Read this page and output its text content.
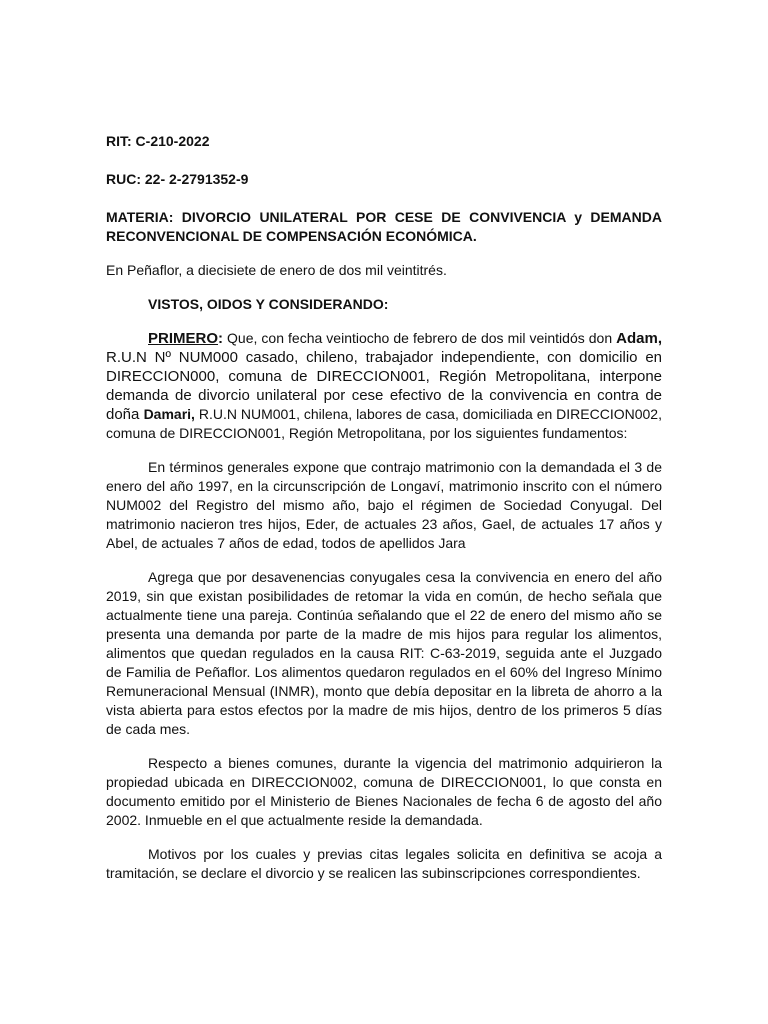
RIT: C-210-2022

RUC: 22- 2-2791352-9

MATERIA: DIVORCIO UNILATERAL POR CESE DE CONVIVENCIA y DEMANDA RECONVENCIONAL DE COMPENSACIÓN ECONÓMICA.

En Peñaflor, a diecisiete de enero de dos mil veintitrés.

VISTOS, OIDOS Y CONSIDERANDO:

PRIMERO: Que, con fecha veintiocho de febrero de dos mil veintidós don Adam, R.U.N Nº NUM000 casado, chileno, trabajador independiente, con domicilio en DIRECCION000, comuna de DIRECCION001, Región Metropolitana, interpone demanda de divorcio unilateral por cese efectivo de la convivencia en contra de doña Damari, R.U.N NUM001, chilena, labores de casa, domiciliada en DIRECCION002, comuna de DIRECCION001, Región Metropolitana, por los siguientes fundamentos:

En términos generales expone que contrajo matrimonio con la demandada el 3 de enero del año 1997, en la circunscripción de Longaví, matrimonio inscrito con el número NUM002 del Registro del mismo año, bajo el régimen de Sociedad Conyugal. Del matrimonio nacieron tres hijos, Eder, de actuales 23 años, Gael, de actuales 17 años y Abel, de actuales 7 años de edad, todos de apellidos Jara

Agrega que por desavenencias conyugales cesa la convivencia en enero del año 2019, sin que existan posibilidades de retomar la vida en común, de hecho señala que actualmente tiene una pareja. Continúa señalando que el 22 de enero del mismo año se presenta una demanda por parte de la madre de mis hijos para regular los alimentos, alimentos que quedan regulados en la causa RIT: C-63-2019, seguida ante el Juzgado de Familia de Peñaflor. Los alimentos quedaron regulados en el 60% del Ingreso Mínimo Remuneracional Mensual (INMR), monto que debía depositar en la libreta de ahorro a la vista abierta para estos efectos por la madre de mis hijos, dentro de los primeros 5 días de cada mes.

Respecto a bienes comunes, durante la vigencia del matrimonio adquirieron la propiedad ubicada en DIRECCION002, comuna de DIRECCION001, lo que consta en documento emitido por el Ministerio de Bienes Nacionales de fecha 6 de agosto del año 2002. Inmueble en el que actualmente reside la demandada.

Motivos por los cuales y previas citas legales solicita en definitiva se acoja a tramitación, se declare el divorcio y se realicen las subinscripciones correspondientes.
